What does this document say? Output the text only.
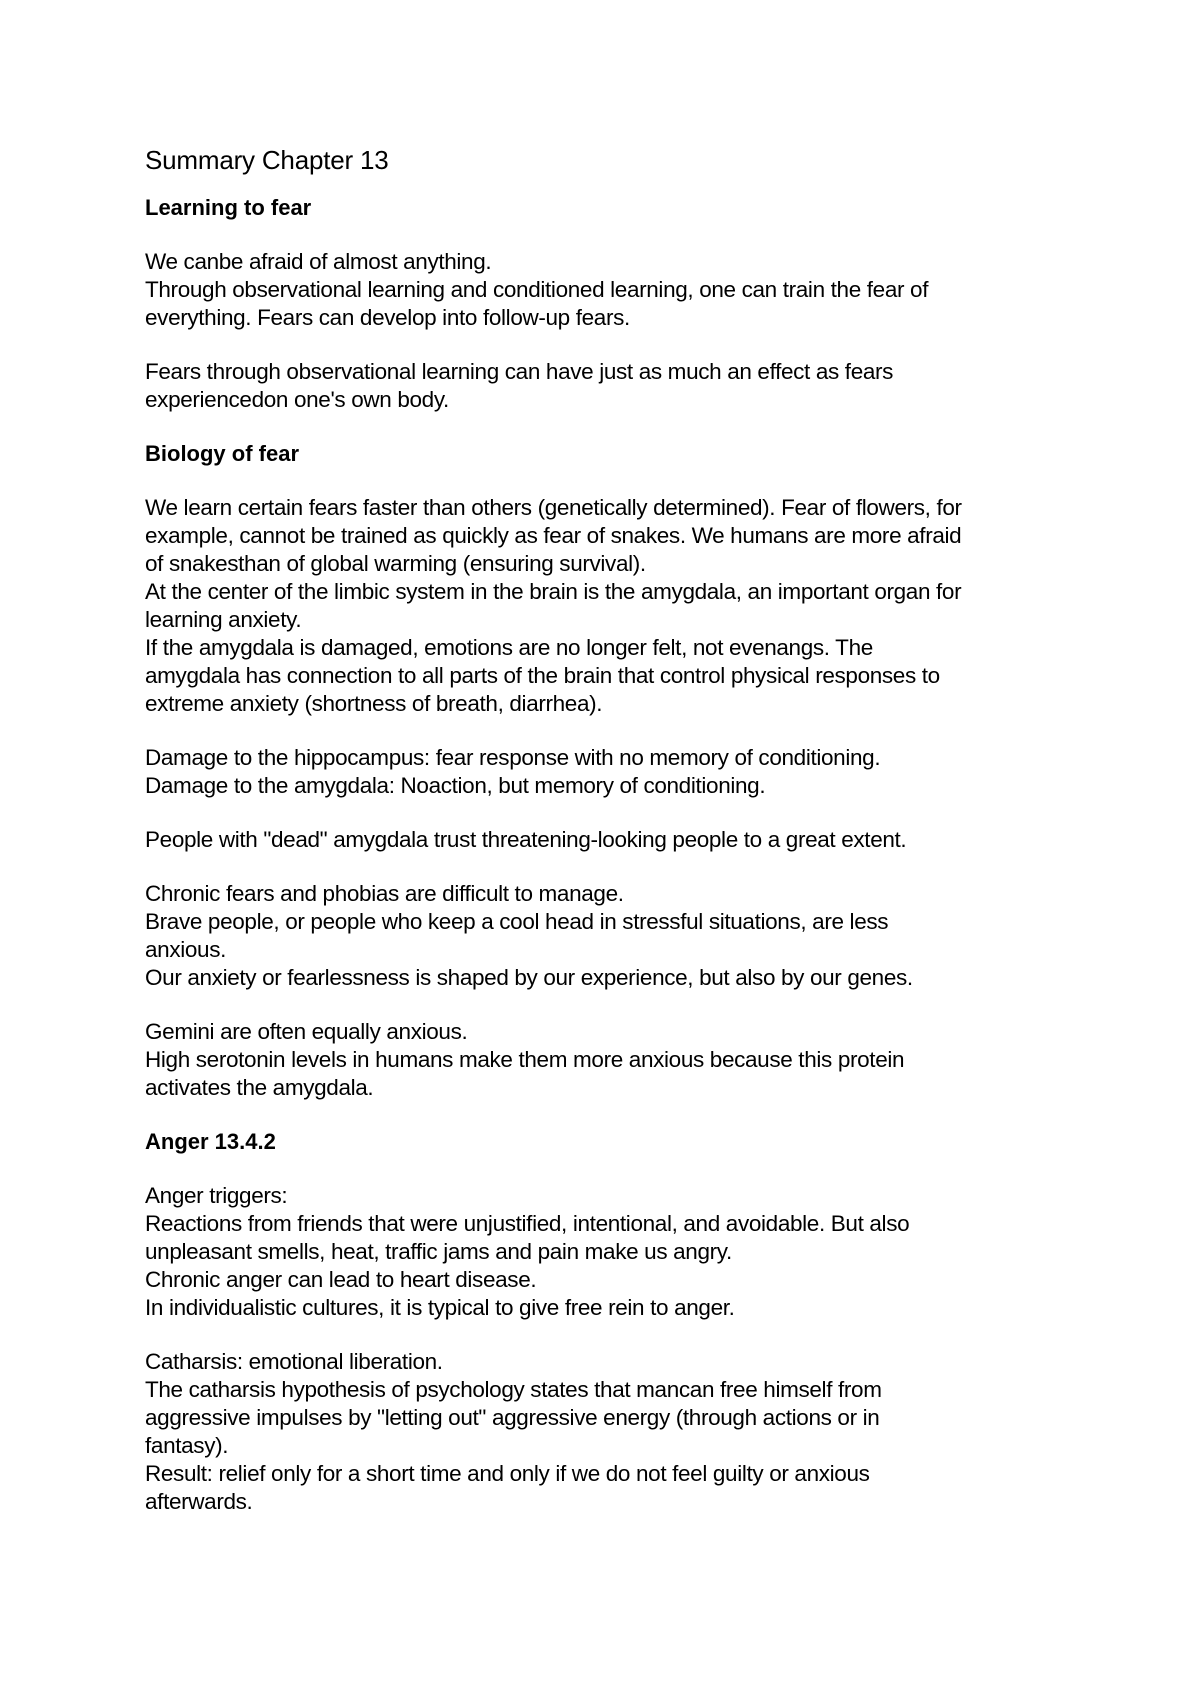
Summary Chapter 13
Learning to fear
We canbe afraid of almost anything.
Through observational learning and conditioned learning, one can train the fear of
everything. Fears can develop into follow-up fears.
Fears through observational learning can have just as much an effect as fears
experiencedon one's own body.
Biology of fear
We learn certain fears faster than others (genetically determined). Fear of flowers, for
example, cannot be trained as quickly as fear of snakes. We humans are more afraid
of snakesthan of global warming (ensuring survival).
At the center of the limbic system in the brain is the amygdala, an important organ for
learning anxiety.
If the amygdala is damaged, emotions are no longer felt, not evenangs. The
amygdala has connection to all parts of the brain that control physical responses to
extreme anxiety (shortness of breath, diarrhea).
Damage to the hippocampus: fear response with no memory of conditioning.
Damage to the amygdala: Noaction, but memory of conditioning.
People with "dead" amygdala trust threatening-looking people to a great extent.
Chronic fears and phobias are difficult to manage.
Brave people, or people who keep a cool head in stressful situations, are less
anxious.
Our anxiety or fearlessness is shaped by our experience, but also by our genes.
Gemini are often equally anxious.
High serotonin levels in humans make them more anxious because this protein
activates the amygdala.
Anger 13.4.2
Anger triggers:
Reactions from friends that were unjustified, intentional, and avoidable. But also
unpleasant smells, heat, traffic jams and pain make us angry.
Chronic anger can lead to heart disease.
In individualistic cultures, it is typical to give free rein to anger.
Catharsis: emotional liberation.
The catharsis hypothesis of psychology states that mancan free himself from
aggressive impulses by "letting out" aggressive energy (through actions or in
fantasy).
Result: relief only for a short time and only if we do not feel guilty or anxious
afterwards.
